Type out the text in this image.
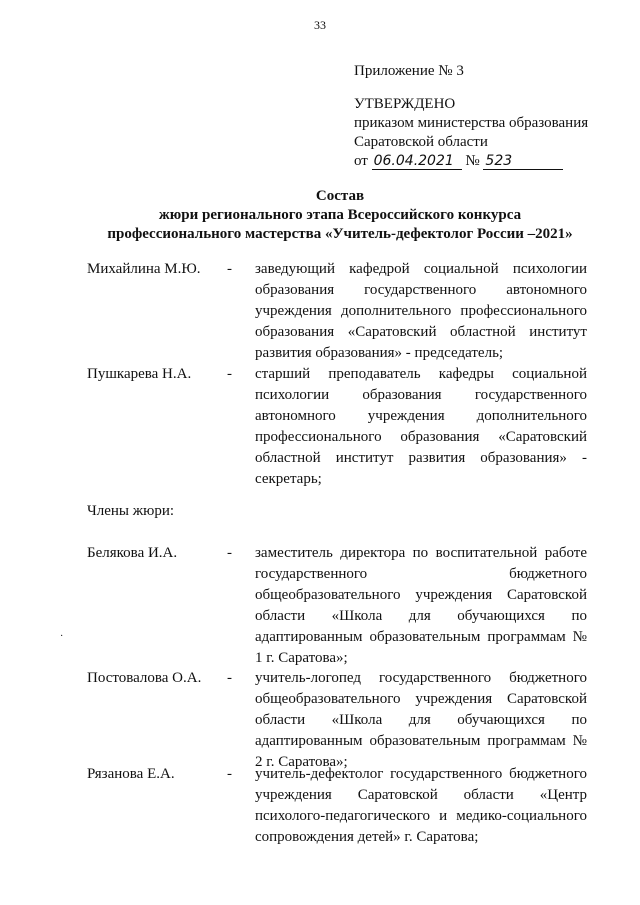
33
Приложение № 3
УТВЕРЖДЕНО
приказом министерства образования
Саратовской области
от 06.04.2021 № 523
Состав
жюри регионального этапа Всероссийского конкурса
профессионального мастерства «Учитель-дефектолог России –2021»
Михайлина М.Ю.	-	заведующий кафедрой социальной психологии образования государственного автономного учреждения дополнительного профессионального образования «Саратовский областной институт развития образования» - председатель;
Пушкарева Н.А.	-	старший преподаватель кафедры социальной психологии образования государственного автономного учреждения дополнительного профессионального образования «Саратовский областной институт развития образования» - секретарь;
Члены жюри:
Белякова И.А.	-	заместитель директора по воспитательной работе государственного бюджетного общеобразовательного учреждения Саратовской области «Школа для обучающихся по адаптированным образовательным программам № 1 г. Саратова»;
·
Постовалова О.А.	-	учитель-логопед государственного бюджетного общеобразовательного учреждения Саратовской области «Школа для обучающихся по адаптированным образовательным программам № 2 г. Саратова»;
Рязанова Е.А.	-	учитель-дефектолог государственного бюджетного учреждения Саратовской области «Центр психолого-педагогического и медико-социального сопровождения детей» г. Саратова;
